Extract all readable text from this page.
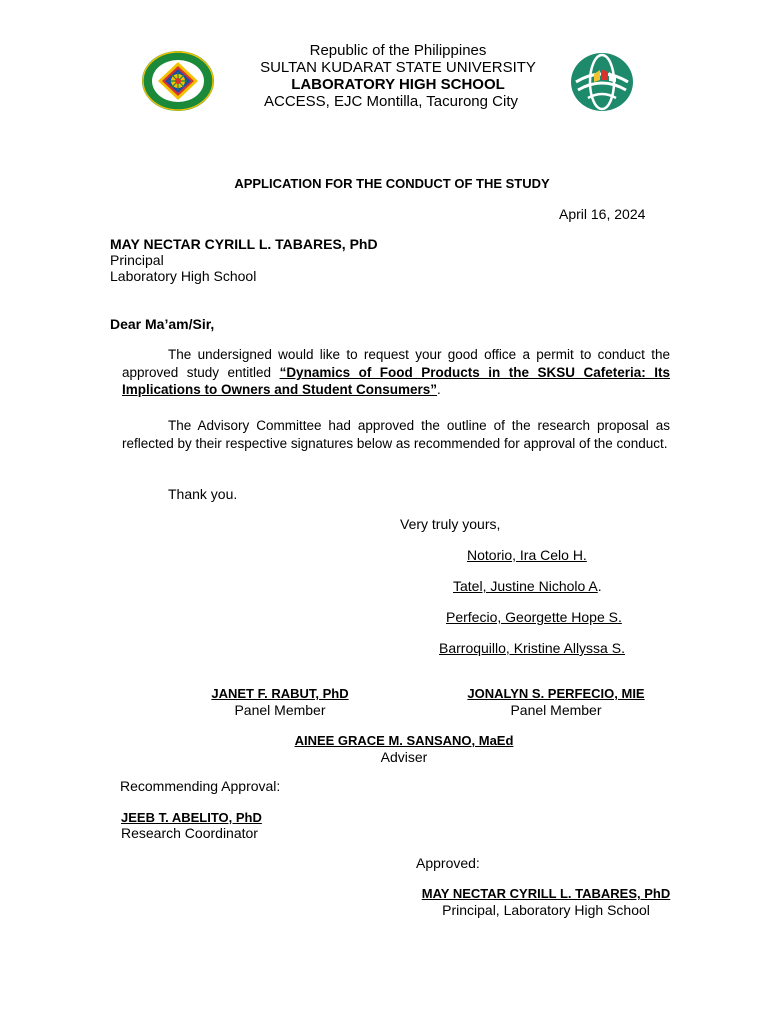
Republic of the Philippines
SULTAN KUDARAT STATE UNIVERSITY
LABORATORY HIGH SCHOOL
ACCESS, EJC Montilla, Tacurong City
APPLICATION FOR THE CONDUCT OF THE STUDY
April 16, 2024
MAY NECTAR CYRILL L. TABARES, PhD
Principal
Laboratory High School
Dear Ma’am/Sir,
The undersigned would like to request your good office a permit to conduct the approved study entitled “Dynamics of Food Products in the SKSU Cafeteria: Its Implications to Owners and Student Consumers”.
The Advisory Committee had approved the outline of the research proposal as reflected by their respective signatures below as recommended for approval of the conduct.
Thank you.
Very truly yours,
Notorio, Ira Celo H.
Tatel, Justine Nicholo A.
Perfecio, Georgette Hope S.
Barroquillo, Kristine Allyssa S.
JANET F. RABUT, PhD
Panel Member
JONALYN S. PERFECIO, MIE
Panel Member
AINEE GRACE M. SANSANO, MaEd
Adviser
Recommending Approval:
JEEB T. ABELITO, PhD
Research Coordinator
Approved:
MAY NECTAR CYRILL L. TABARES, PhD
Principal, Laboratory High School
